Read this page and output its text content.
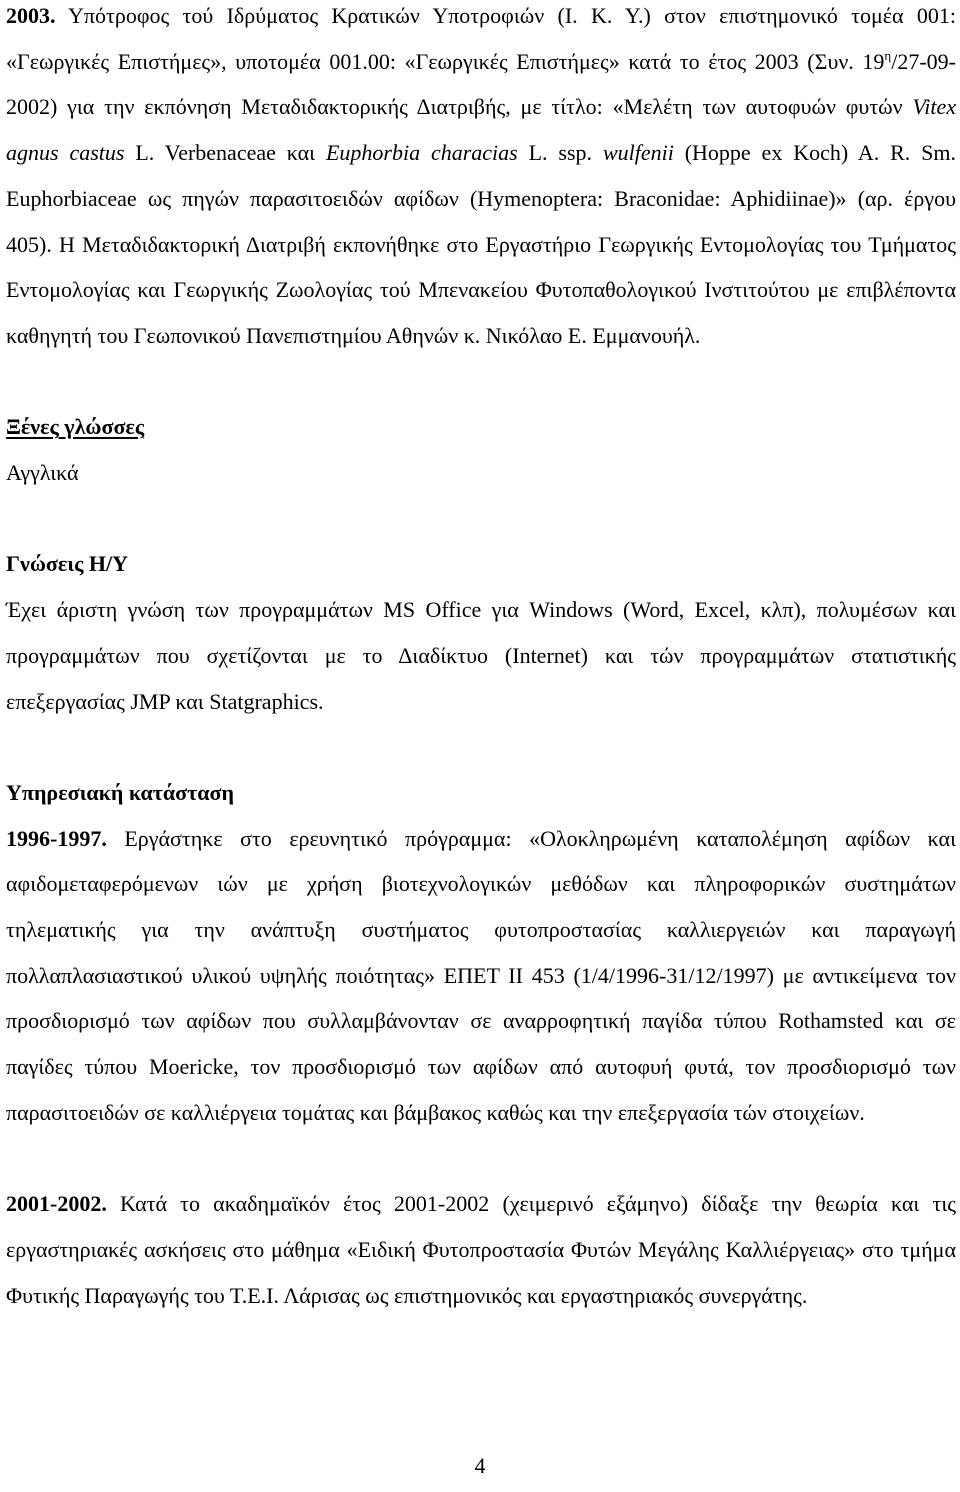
2003. Υπότροφος τού Ιδρύματος Κρατικών Υποτροφιών (Ι. Κ. Υ.) στον επιστημονικό τομέα 001: «Γεωργικές Επιστήμες», υποτομέα 001.00: «Γεωργικές Επιστήμες» κατά το έτος 2003 (Συν. $19^\eta/27-09-2002$) για την εκπόνηση Μεταδιδακτορικής Διατριβής, με τίτλο: «Μελέτη των αυτοφυών φυτών Vitex agnus castus L. Verbenaceae και Euphorbia characias L. ssp. wulfenii (Hoppe ex Koch) A. R. Sm. Euphorbiaceae ως πηγών παρασιτοειδών αφίδων (Hymenoptera: Braconidae: Aphidiinae)» (αρ. έργου 405). Η Μεταδιδακτορική Διατριβή εκπονήθηκε στο Εργαστήριο Γεωργικής Εντομολογίας του Τμήματος Εντομολογίας και Γεωργικής Ζωολογίας τού Μπενακείου Φυτοπαθολογικού Ινστιτούτου με επιβλέποντα καθηγητή του Γεωπονικού Πανεπιστημίου Αθηνών κ. Νικόλαο Ε. Εμμανουήλ.

Ξένες γλώσσες

Αγγλικά

Γνώσεις Η/Υ

Έχει άριστη γνώση των προγραμμάτων MS Office για Windows (Word, Excel, κλπ), πολυμέσων και προγραμμάτων που σχετίζονται με το Διαδίκτυο (Internet) και τών προγραμμάτων στατιστικής επεξεργασίας JMP και Statgraphics.

Υπηρεσιακή κατάσταση

1996-1997. Εργάστηκε στο ερευνητικό πρόγραμμα: «Ολοκληρωμένη καταπολέμηση αφίδων και αφιδομεταφερόμενων ιών με χρήση βιοτεχνολογικών μεθόδων και πληροφορικών συστημάτων τηλεματικής για την ανάπτυξη συστήματος φυτοπροστασίας καλλιεργειών και παραγωγή πολλαπλασιαστικού υλικού υψηλής ποιότητας» ΕΠΕΤ ΙΙ 453 (1/4/1996-31/12/1997) με αντικείμενα τον προσδιορισμό των αφίδων που συλλαμβάνονταν σε αναρροφητική παγίδα τύπου Rothamsted και σε παγίδες τύπου Moericke, τον προσδιορισμό των αφίδων από αυτοφυή φυτά, τον προσδιορισμό των παρασιτοειδών σε καλλιέργεια τομάτας και βάμβακος καθώς και την επεξεργασία τών στοιχείων.

2001-2002. Κατά το ακαδημαϊκόν έτος 2001-2002 (χειμερινό εξάμηνο) δίδαξε την θεωρία και τις εργαστηριακές ασκήσεις στο μάθημα «Ειδική Φυτοπροστασία Φυτών Μεγάλης Καλλιέργειας» στο τμήμα Φυτικής Παραγωγής του Τ.Ε.Ι. Λάρισας ως επιστημονικός και εργαστηριακός συνεργάτης.

4
